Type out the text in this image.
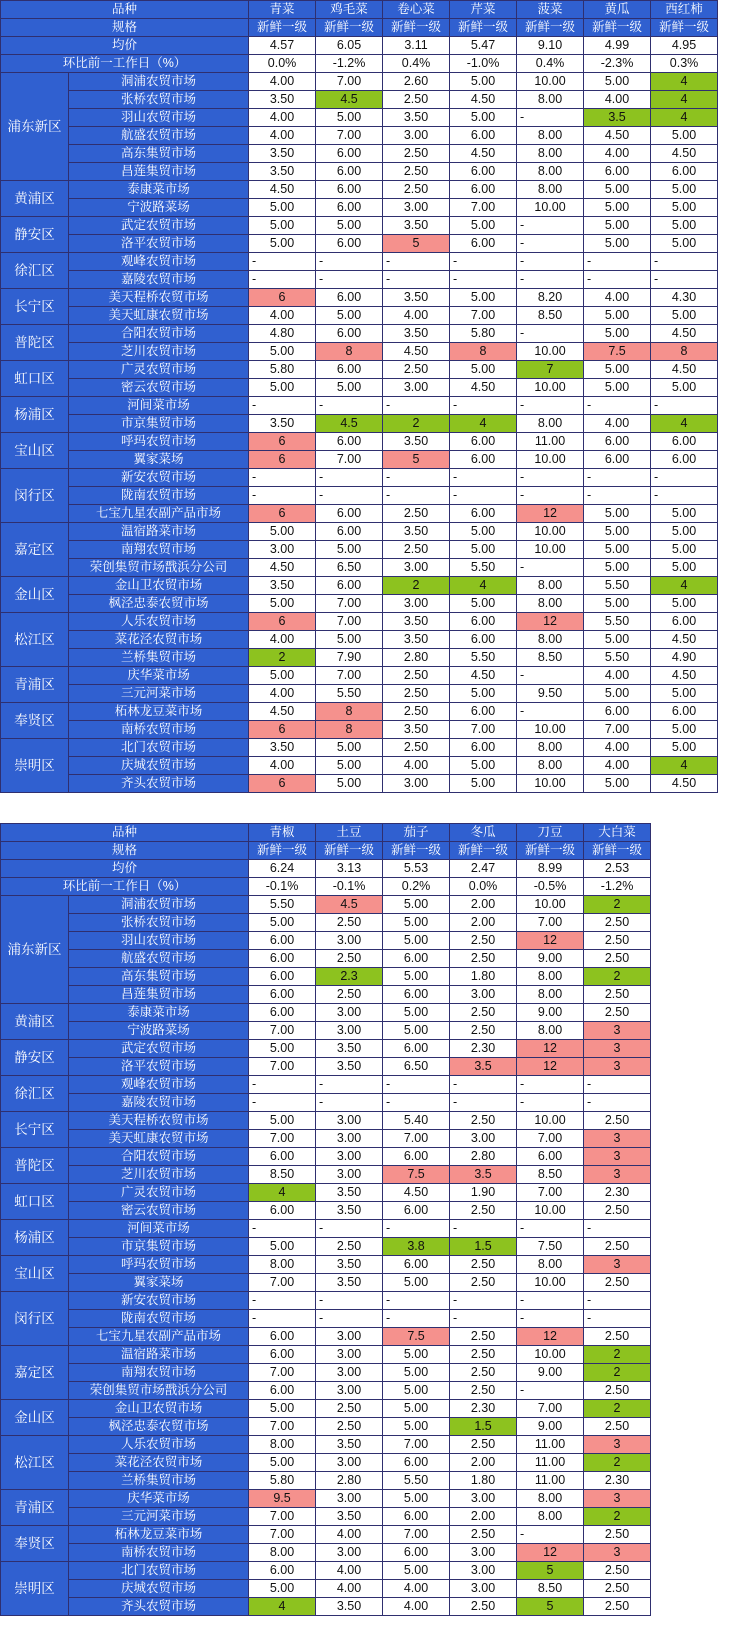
品种		青菜	鸡毛菜	卷心菜	芹菜	菠菜	黄瓜	西红柿
规格		新鲜一级	新鲜一级	新鲜一级	新鲜一级	新鲜一级	新鲜一级	新鲜一级
均价		4.57	6.05	3.11	5.47	9.10	4.99	4.95
环比前一工作日（%）		0.0%	-1.2%	0.4%	-1.0%	0.4%	-2.3%	0.3%
浦东新区	洞浦农贸市场	4.00	7.00	2.60	5.00	10.00	5.00	4
	张桥农贸市场	3.50	4.5	2.50	4.50	8.00	4.00	4
	羽山农贸市场	4.00	5.00	3.50	5.00	-	3.5	4
	航盛农贸市场	4.00	7.00	3.00	6.00	8.00	4.50	5.00
	高东集贸市场	3.50	6.00	2.50	4.50	8.00	4.00	4.50
	昌莲集贸市场	3.50	6.00	2.50	6.00	8.00	6.00	6.00
黄浦区	泰康菜市场	4.50	6.00	2.50	6.00	8.00	5.00	5.00
	宁波路菜场	5.00	6.00	3.00	7.00	10.00	5.00	5.00
静安区	武定农贸市场	5.00	5.00	3.50	5.00	-	5.00	5.00
	洛平农贸市场	5.00	6.00	5	6.00	-	5.00	5.00
徐汇区	观峰农贸市场	-	-	-	-	-	-	-
	嘉陵农贸市场	-	-	-	-	-	-	-
长宁区	美天程桥农贸市场	6	6.00	3.50	5.00	8.20	4.00	4.30
	美天虹康农贸市场	4.00	5.00	4.00	7.00	8.50	5.00	5.00
普陀区	合阳农贸市场	4.80	6.00	3.50	5.80	-	5.00	4.50
	芝川农贸市场	5.00	8	4.50	8	10.00	7.5	8
虹口区	广灵农贸市场	5.80	6.00	2.50	5.00	7	5.00	4.50
	密云农贸市场	5.00	5.00	3.00	4.50	10.00	5.00	5.00
杨浦区	河间菜市场	-	-	-	-	-	-	-
	市京集贸市场	3.50	4.5	2	4	8.00	4.00	4
宝山区	呼玛农贸市场	6	6.00	3.50	6.00	11.00	6.00	6.00
	翼家菜场	6	7.00	5	6.00	10.00	6.00	6.00
闵行区	新安农贸市场	-	-	-	-	-	-	-
	陇南农贸市场	-	-	-	-	-	-	-
	七宝九星农副产品市场	6	6.00	2.50	6.00	12	5.00	5.00
嘉定区	温宿路菜市场	5.00	6.00	3.50	5.00	10.00	5.00	5.00
	南翔农贸市场	3.00	5.00	2.50	5.00	10.00	5.00	5.00
	荣创集贸市场戬浜分公司	4.50	6.50	3.00	5.50	-	5.00	5.00
金山区	金山卫农贸市场	3.50	6.00	2	4	8.00	5.50	4
	枫泾忠泰农贸市场	5.00	7.00	3.00	5.00	8.00	5.00	5.00
松江区	人乐农贸市场	6	7.00	3.50	6.00	12	5.50	6.00
	菜花泾农贸市场	4.00	5.00	3.50	6.00	8.00	5.00	4.50
	兰桥集贸市场	2	7.90	2.80	5.50	8.50	5.50	4.90
青浦区	庆华菜市场	5.00	7.00	2.50	4.50	-	4.00	4.50
	三元河菜市场	4.00	5.50	2.50	5.00	9.50	5.00	5.00
奉贤区	柘林龙豆菜市场	4.50	8	2.50	6.00	-	6.00	6.00
	南桥农贸市场	6	8	3.50	7.00	10.00	7.00	5.00
崇明区	北门农贸市场	3.50	5.00	2.50	6.00	8.00	4.00	5.00
	庆城农贸市场	4.00	5.00	4.00	5.00	8.00	4.00	4
	齐头农贸市场	6	5.00	3.00	5.00	10.00	5.00	4.50
品种		青椒	土豆	茄子	冬瓜	刀豆	大白菜	
规格		新鲜一级	新鲜一级	新鲜一级	新鲜一级	新鲜一级	新鲜一级	
均价		6.24	3.13	5.53	2.47	8.99	2.53	
环比前一工作日（%）		-0.1%	-0.1%	0.2%	0.0%	-0.5%	-1.2%	
浦东新区	洞浦农贸市场	5.50	4.5	5.00	2.00	10.00	2	
	张桥农贸市场	5.00	2.50	5.00	2.00	7.00	2.50	
	羽山农贸市场	6.00	3.00	5.00	2.50	12	2.50	
	航盛农贸市场	6.00	2.50	6.00	2.50	9.00	2.50	
	高东集贸市场	6.00	2.3	5.00	1.80	8.00	2	
	昌莲集贸市场	6.00	2.50	6.00	3.00	8.00	2.50	
黄浦区	泰康菜市场	6.00	3.00	5.00	2.50	9.00	2.50	
	宁波路菜场	7.00	3.00	5.00	2.50	8.00	3	
静安区	武定农贸市场	5.00	3.50	6.00	2.30	12	3	
	洛平农贸市场	7.00	3.50	6.50	3.5	12	3	
徐汇区	观峰农贸市场	-	-	-	-	-	-	
	嘉陵农贸市场	-	-	-	-	-	-	
长宁区	美天程桥农贸市场	5.00	3.00	5.40	2.50	10.00	2.50	
	美天虹康农贸市场	7.00	3.00	7.00	3.00	7.00	3	
普陀区	合阳农贸市场	6.00	3.00	6.00	2.80	6.00	3	
	芝川农贸市场	8.50	3.00	7.5	3.5	8.50	3	
虹口区	广灵农贸市场	4	3.50	4.50	1.90	7.00	2.30	
	密云农贸市场	6.00	3.50	6.00	2.50	10.00	2.50	
杨浦区	河间菜市场	-	-	-	-	-	-	
	市京集贸市场	5.00	2.50	3.8	1.5	7.50	2.50	
宝山区	呼玛农贸市场	8.00	3.50	6.00	2.50	8.00	3	
	翼家菜场	7.00	3.50	5.00	2.50	10.00	2.50	
闵行区	新安农贸市场	-	-	-	-	-	-	
	陇南农贸市场	-	-	-	-	-	-	
	七宝九星农副产品市场	6.00	3.00	7.5	2.50	12	2.50	
嘉定区	温宿路菜市场	6.00	3.00	5.00	2.50	10.00	2	
	南翔农贸市场	7.00	3.00	5.00	2.50	9.00	2	
	荣创集贸市场戬浜分公司	6.00	3.00	5.00	2.50	-	2.50	
金山区	金山卫农贸市场	5.00	2.50	5.00	2.30	7.00	2	
	枫泾忠泰农贸市场	7.00	2.50	5.00	1.5	9.00	2.50	
松江区	人乐农贸市场	8.00	3.50	7.00	2.50	11.00	3	
	菜花泾农贸市场	5.00	3.00	6.00	2.00	11.00	2	
	兰桥集贸市场	5.80	2.80	5.50	1.80	11.00	2.30	
青浦区	庆华菜市场	9.5	3.00	5.00	3.00	8.00	3	
	三元河菜市场	7.00	3.50	6.00	2.00	8.00	2	
奉贤区	柘林龙豆菜市场	7.00	4.00	7.00	2.50	-	2.50	
	南桥农贸市场	8.00	3.00	6.00	3.00	12	3	
崇明区	北门农贸市场	6.00	4.00	5.00	3.00	5	2.50	
	庆城农贸市场	5.00	4.00	4.00	3.00	8.50	2.50	
	齐头农贸市场	4	3.50	4.00	2.50	5	2.50	
